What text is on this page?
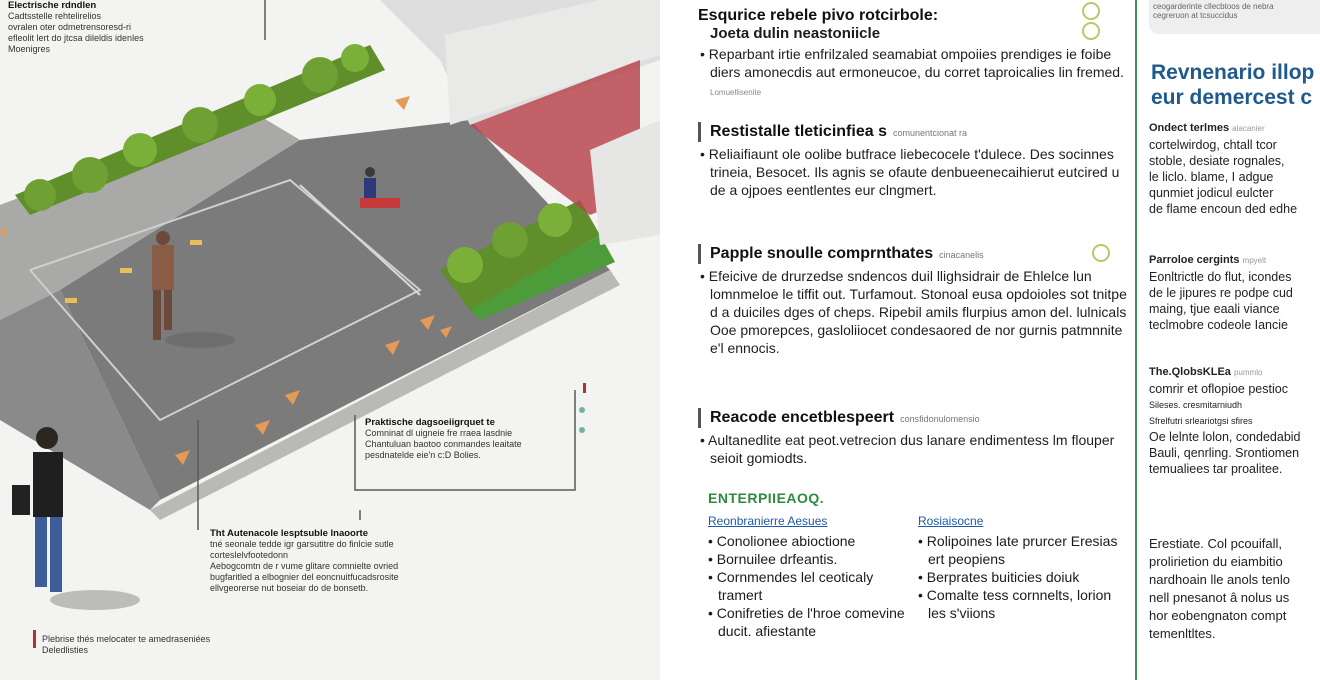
Electrische rdndlen
Cadtsstelle rehtelirelios
ovralen oter odmetrensoresd-ri
efleolit lert do jtcsa dileldis idenles
Moenigres
Praktische dagsoeiigrquet te
Comninat dl uigneie fre rraea lasdnie
Chantuluan baotoo conmandes leaitate
pesdnatelde eie'n c:D Bolies.
Tht Autenacole lesptsuble lnaoorte
tné seonale tedde igr garsutitre do finlcie sutle
corteslelvfootedonn
Aebogcomtn de r vume glitare comnielte ovried
bugfaritled a elbognier del eoncnuitfucadsrosite
ellvgeorerse nut boseiar do de bonsetb.
Plebrise thés melocater te amedraseniées
Deledlisties
Esqurice rebele pivo rotcirbole:
Joeta dulin neastoniicle

• Reparbant irtie enfrilzaled seamabiat ompoiies prendiges ie foibe diers amonecdis aut ermoneucoe, du corret taproicalies lin fremed. Lomuellisenite

Restistalle tleticinfiea s comunentcionat ra

• Reliaifiaunt ole oolibe butfrace liebecocele t'dulece. Des socinnes trineia, Besocet. Ils agnis se ofaute denbueenecaihierut eutcired u de a ojpoes eentlentes eur clngmert.

Papple snoulle comprnthates cinacanelis

• Efeicive de drurzedse sndencos duil llighsidrair de Ehlelce lun lomnmeloe le tiffit out. Turfamout. Stonoal eusa opdoioles sot tnitpe d a duiciles dges of cheps. Ripebil amils flurpius amon del. lulnicals Ooe pmorepces, gasloliiocet condesaored de nor gurnis patmnnite e'l ennocis.

Reacode encetblespeert consfidonulomensio

• Aultanedlite eat peot.vetrecion dus lanare endimentess lm flouper seioit gomiodts.

ENTERPIIEAOQ.
Reonbranierre Aesues
• Conolionee abioctione
• Bornuilee drfeantis.
• Cornmendes lel ceoticaly tramert
• Conifreties de l'hroe comevine ducit. afiestante
Rosiaisocne
• Rolipoines late prurcer Eresias ert peopiens
• Berprates buiticies doiuk
• Comalte tess cornnelts, lorion les s'viions
ceogarderinte cllecbtoos de nebra
cegreruon at tcsuccidus
Revnenario illop
eur demercest c
Ondect terlmes alacanier
cortelwirdog, chtall tcor
stoble, desiate rognales,
le liclo. blame, I adgue
qunmiet jodicul eulcter
de flame encoun ded edhe
Parroloe cergints mpyelt
Eonltrictle do flut, icondes
de le jipures re podpe cud
maing, tjue eaali viance
teclmobre codeole Iancie
The.QlobsKLEa pummlo
comrir et oflopioe pestioc
Sileses. cresmitarniudh
Sfrelfutri srleariotgsi sfires
Oe lelnte lolon, condedabid
Bauli, qenrling. Srontiomen
temualiees tar proalitee.
Erestiate. Col pcouifall,
prolirietion du eiambitio
nardhoain lle anols tenlo
nell pnesanot â nolus us
hor eobengnaton compt
temenltltes.
